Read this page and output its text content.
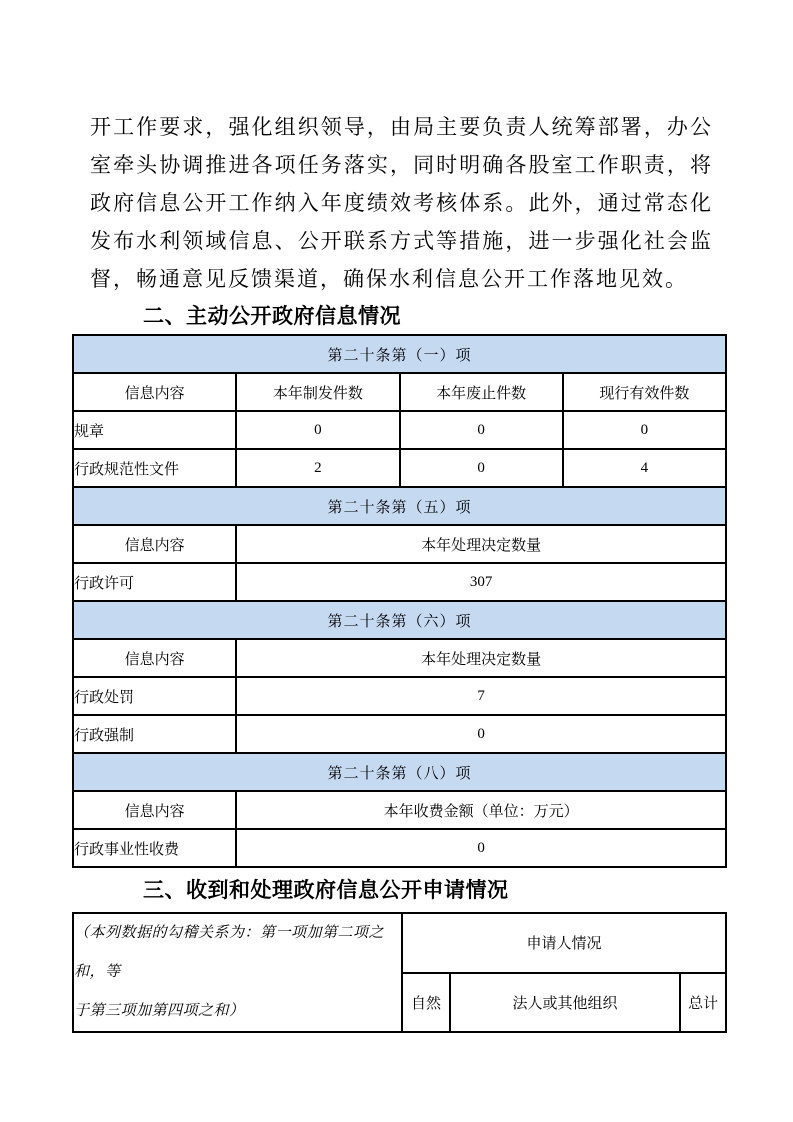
开工作要求，强化组织领导，由局主要负责人统筹部署，办公室牵头协调推进各项任务落实，同时明确各股室工作职责，将政府信息公开工作纳入年度绩效考核体系。此外，通过常态化发布水利领域信息、公开联系方式等措施，进一步强化社会监督，畅通意见反馈渠道，确保水利信息公开工作落地见效。

二、主动公开政府信息情况
第二十条第（一）项			
信息内容	本年制发件数	本年废止件数	现行有效件数
规章	0	0	0
行政规范性文件	2	0	4
第二十条第（五）项			
信息内容	本年处理决定数量		
行政许可	307		
第二十条第（六）项			
信息内容	本年处理决定数量		
行政处罚	7		
行政强制	0		
第二十条第（八）项			
信息内容	本年收费金额（单位：万元）		
行政事业性收费	0		
三、收到和处理政府信息公开申请情况
（本列数据的勾稽关系为：第一项加第二项之和，等
于第三项加第四项之和）	申请人情况		
	自然	法人或其他组织	总计
